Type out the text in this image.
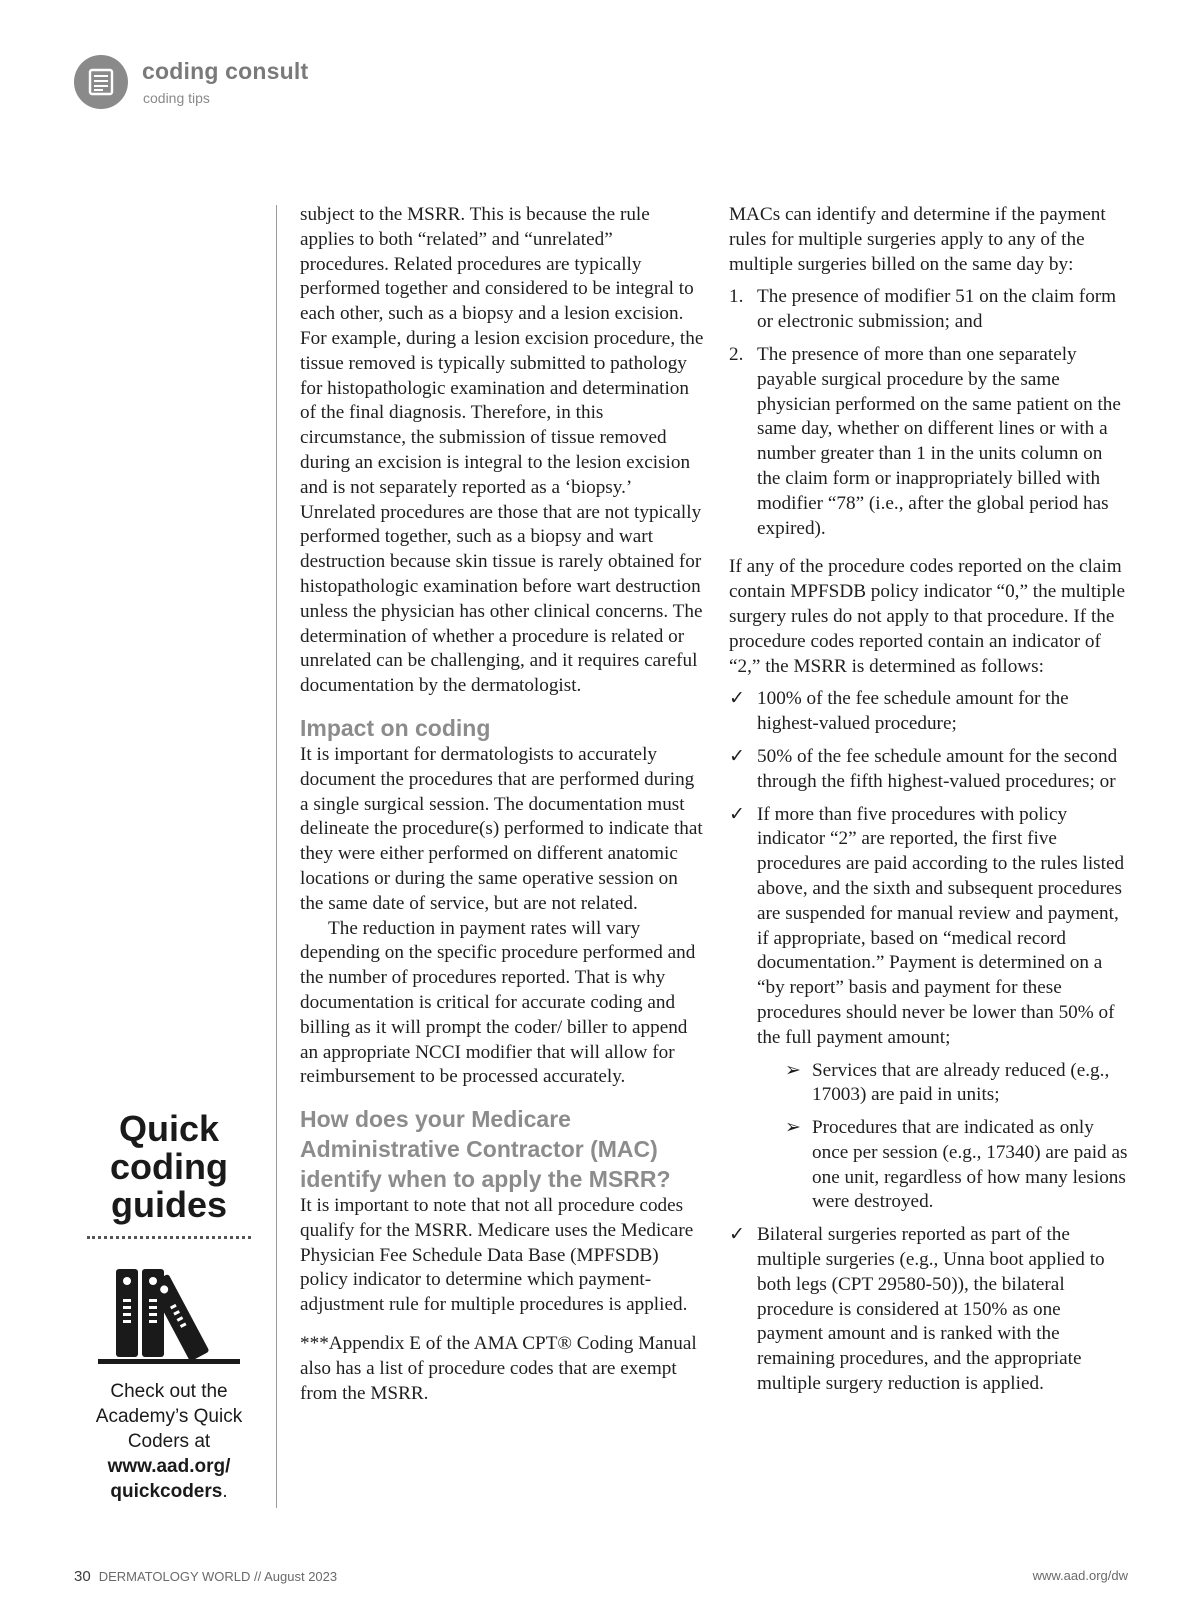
coding consult
coding tips
Quick coding guides
Check out the Academy’s Quick Coders at www.aad.org/ quickcoders.

subject to the MSRR. This is because the rule applies to both “related” and “unrelated” procedures. Related procedures are typically performed together and considered to be integral to each other, such as a biopsy and a lesion excision. For example, during a lesion excision procedure, the tissue removed is typically submitted to pathology for histopathologic examination and determination of the final diagnosis. Therefore, in this circumstance, the submission of tissue removed during an excision is integral to the lesion excision and is not separately reported as a ‘biopsy.’ Unrelated procedures are those that are not typically performed together, such as a biopsy and wart destruction because skin tissue is rarely obtained for histopathologic examination before wart destruction unless the physician has other clinical concerns. The determination of whether a procedure is related or unrelated can be challenging, and it requires careful documentation by the dermatologist.

Impact on coding

It is important for dermatologists to accurately document the procedures that are performed during a single surgical session. The documentation must delineate the procedure(s) performed to indicate that they were either performed on different anatomic locations or during the same operative session on the same date of service, but are not related.

The reduction in payment rates will vary depending on the specific procedure performed and the number of procedures reported. That is why documentation is critical for accurate coding and billing as it will prompt the coder/ biller to append an appropriate NCCI modifier that will allow for reimbursement to be processed accurately.

How does your Medicare Administrative Contractor (MAC) identify when to apply the MSRR?

It is important to note that not all procedure codes qualify for the MSRR. Medicare uses the Medicare Physician Fee Schedule Data Base (MPFSDB) policy indicator to determine which payment-adjustment rule for multiple procedures is applied.

***Appendix E of the AMA CPT® Coding Manual also has a list of procedure codes that are exempt from the MSRR.

MACs can identify and determine if the payment rules for multiple surgeries apply to any of the multiple surgeries billed on the same day by:

1. The presence of modifier 51 on the claim form or electronic submission; and
2. The presence of more than one separately payable surgical procedure by the same physician performed on the same patient on the same day, whether on different lines or with a number greater than 1 in the units column on the claim form or inappropriately billed with modifier “78” (i.e., after the global period has expired).

If any of the procedure codes reported on the claim contain MPFSDB policy indicator “0,” the multiple surgery rules do not apply to that procedure. If the procedure codes reported contain an indicator of “2,” the MSRR is determined as follows:

✓ 100% of the fee schedule amount for the highest-valued procedure;
✓ 50% of the fee schedule amount for the second through the fifth highest-valued procedures; or
✓ If more than five procedures with policy indicator “2” are reported, the first five procedures are paid according to the rules listed above, and the sixth and subsequent procedures are suspended for manual review and payment, if appropriate, based on “medical record documentation.” Payment is determined on a “by report” basis and payment for these procedures should never be lower than 50% of the full payment amount;
➢ Services that are already reduced (e.g., 17003) are paid in units;
➢ Procedures that are indicated as only once per session (e.g., 17340) are paid as one unit, regardless of how many lesions were destroyed.
✓ Bilateral surgeries reported as part of the multiple surgeries (e.g., Unna boot applied to both legs (CPT 29580-50)), the bilateral procedure is considered at 150% as one payment amount and is ranked with the remaining procedures, and the appropriate multiple surgery reduction is applied.
30 DERMATOLOGY WORLD // August 2023	www.aad.org/dw
